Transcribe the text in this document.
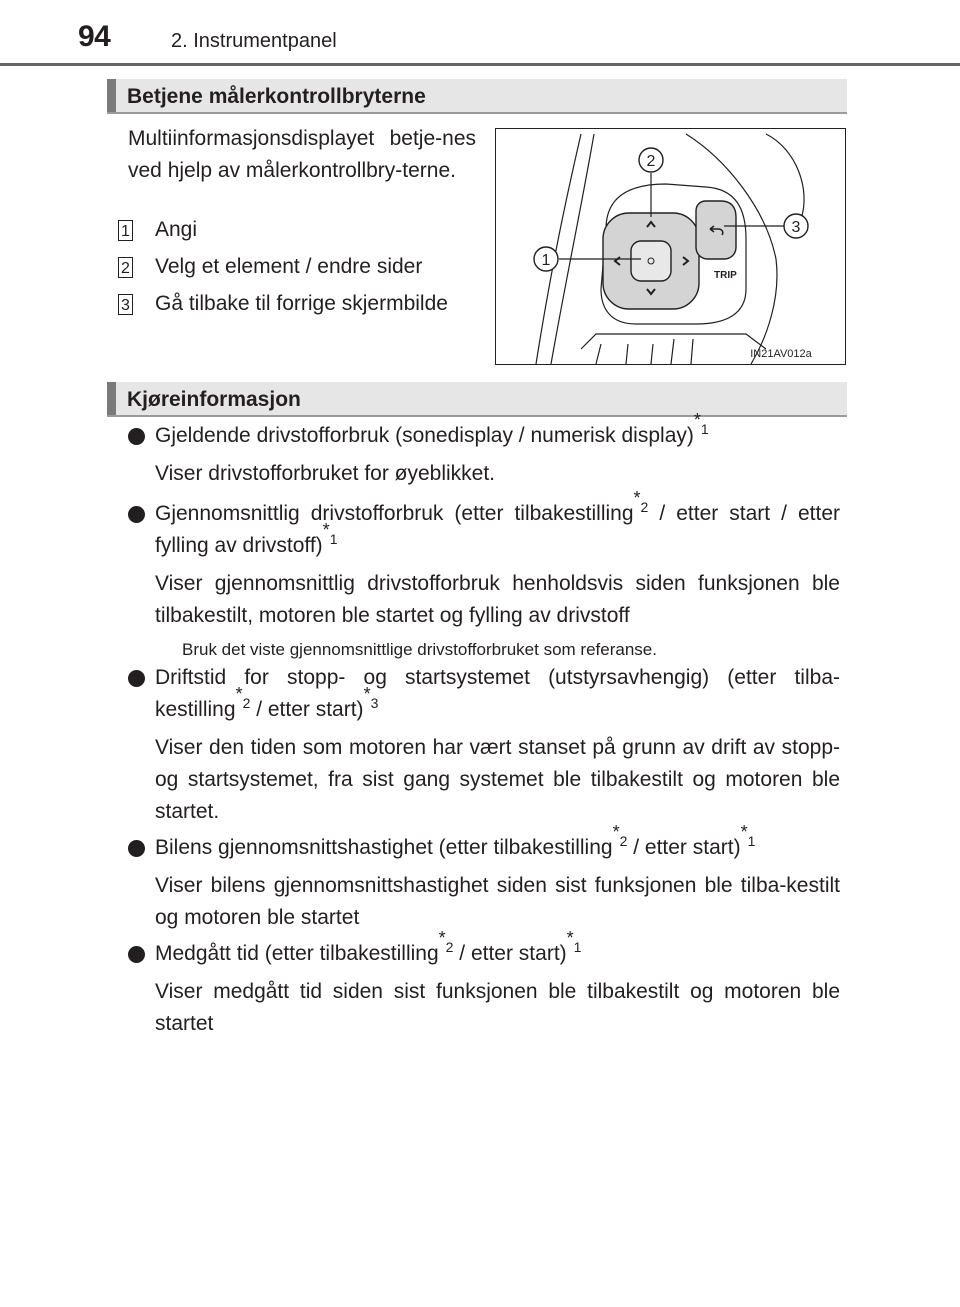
94	2. Instrumentpanel
Betjene målerkontrollbryterne
Multiinformasjonsdisplayet betje-nes ved hjelp av målerkontrollbry-terne.
1 Angi
2 Velg et element / endre sider
3 Gå tilbake til forrige skjermbilde
TRIP
2
1
3
IN21AV012a
Kjøreinformasjon
Gjeldende drivstofforbruk (sonedisplay / numerisk display)$^{*1}$
Viser drivstofforbruket for øyeblikket.
Gjennomsnittlig drivstofforbruk (etter tilbakestilling$^{*2}$ / etter start / etter fylling av drivstoff)$^{*1}$
Viser gjennomsnittlig drivstofforbruk henholdsvis siden funksjonen ble tilbakestilt, motoren ble startet og fylling av drivstoff
Bruk det viste gjennomsnittlige drivstofforbruket som referanse.
Driftstid for stopp- og startsystemet (utstyrsavhengig) (etter tilba-kestilling$^{*2}$ / etter start)$^{*3}$
Viser den tiden som motoren har vært stanset på grunn av drift av stopp- og startsystemet, fra sist gang systemet ble tilbakestilt og motoren ble startet.
Bilens gjennomsnittshastighet (etter tilbakestilling$^{*2}$ / etter start)$^{*1}$
Viser bilens gjennomsnittshastighet siden sist funksjonen ble tilba-kestilt og motoren ble startet
Medgått tid (etter tilbakestilling$^{*2}$ / etter start)$^{*1}$
Viser medgått tid siden sist funksjonen ble tilbakestilt og motoren ble startet
